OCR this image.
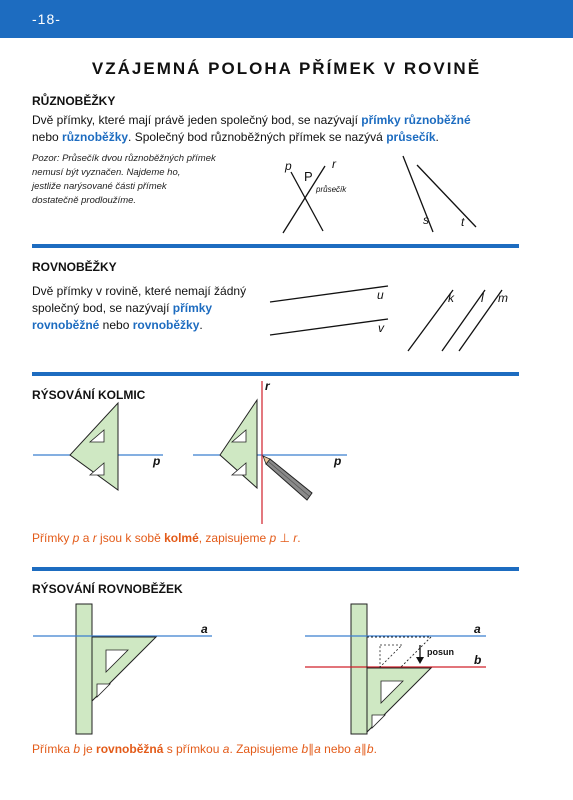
-18-
VZÁJEMNÁ POLOHA PŘÍMEK V ROVINĚ
RŮZNOBĚŽKY
Dvě přímky, které mají právě jeden společný bod, se nazývají přímky různoběžné
nebo různoběžky. Společný bod různoběžných přímek se nazývá průsečík.
Pozor: Průsečík dvou různoběžných přímek
nemusí být vyznačen. Najdeme ho,
jestliže narýsované části přímek
dostatečně prodloužíme.
p	r
P
průsečík
s	t
ROVNOBĚŽKY
Dvě přímky v rovině, které nemají žádný
společný bod, se nazývají přímky
rovnoběžné nebo rovnoběžky.
u
v
k l m
RÝSOVÁNÍ KOLMIC
p
r
p
Přímky p a r jsou k sobě kolmé, zapisujeme p ⊥ r.
RÝSOVÁNÍ ROVNOBĚŽEK
a
posun
a
b
Přímka b je rovnoběžná s přímkou a. Zapisujeme b∥a nebo a∥b.
